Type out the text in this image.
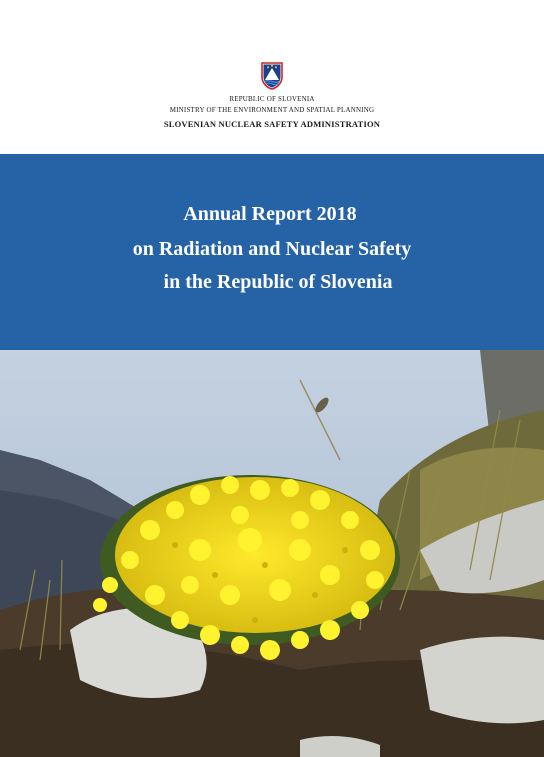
REPUBLIC OF SLOVENIA
MINISTRY OF THE ENVIRONMENT AND SPATIAL PLANNING
SLOVENIAN NUCLEAR SAFETY ADMINISTRATION
Annual Report 2018
on Radiation and Nuclear Safety
in the Republic of Slovenia
